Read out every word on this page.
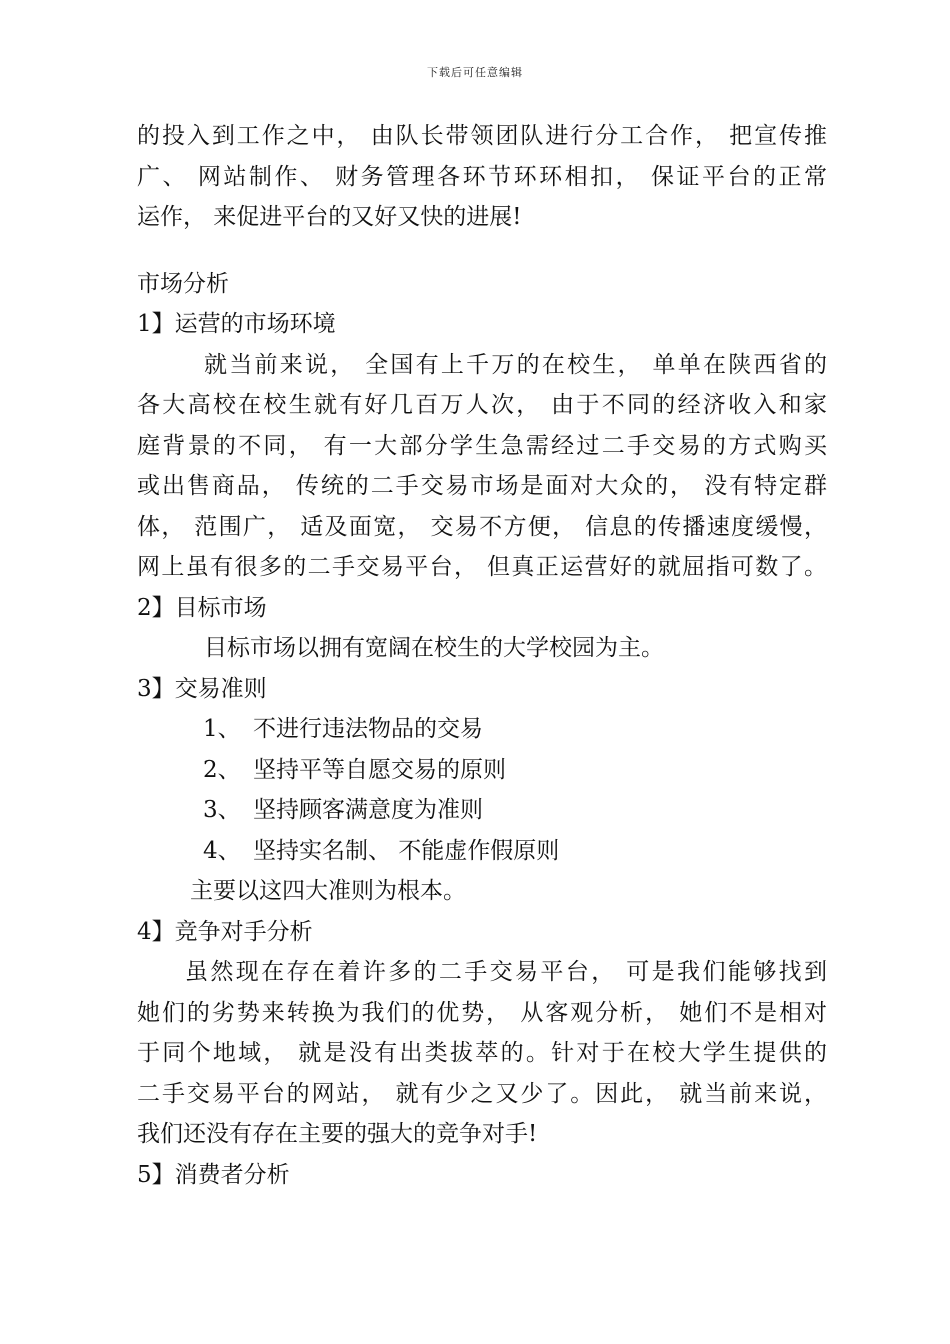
下载后可任意编辑
的投入到工作之中， 由队长带领团队进行分工合作， 把宣传推
广、 网站制作、 财务管理各环节环环相扣， 保证平台的正常
运作， 来促进平台的又好又快的进展!
市场分析
1】运营的市场环境
就当前来说， 全国有上千万的在校生， 单单在陕西省的
各大高校在校生就有好几百万人次， 由于不同的经济收入和家
庭背景的不同， 有一大部分学生急需经过二手交易的方式购买
或出售商品， 传统的二手交易市场是面对大众的， 没有特定群
体， 范围广， 适及面宽， 交易不方便， 信息的传播速度缓慢，
网上虽有很多的二手交易平台， 但真正运营好的就屈指可数了。
2】目标市场
目标市场以拥有宽阔在校生的大学校园为主。
3】交易准则
1、 不进行违法物品的交易
2、 坚持平等自愿交易的原则
3、 坚持顾客满意度为准则
4、 坚持实名制、 不能虚作假原则
主要以这四大准则为根本。
4】竞争对手分析
虽然现在存在着许多的二手交易平台， 可是我们能够找到
她们的劣势来转换为我们的优势， 从客观分析， 她们不是相对
于同个地域， 就是没有出类拔萃的。针对于在校大学生提供的
二手交易平台的网站， 就有少之又少了。因此， 就当前来说，
我们还没有存在主要的强大的竞争对手!
5】消费者分析
